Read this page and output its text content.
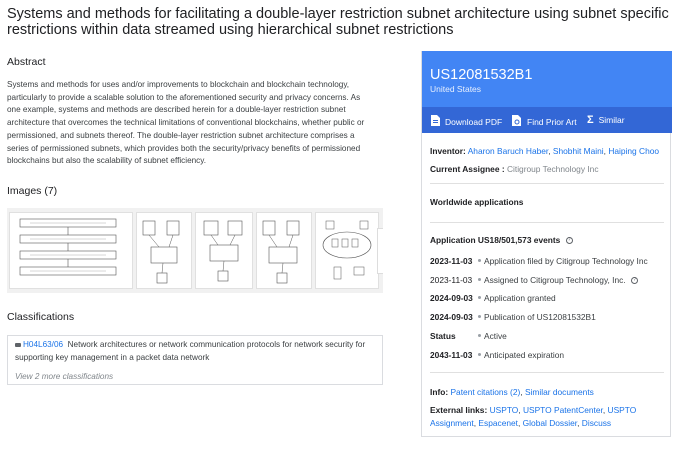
Systems and methods for facilitating a double-layer restriction subnet architecture using subnet specific restrictions within data streamed using hierarchical subnet restrictions
Abstract
Systems and methods for uses and/or improvements to blockchain and blockchain technology, particularly to provide a scalable solution to the aforementioned security and privacy concerns. As one example, systems and methods are described herein for a double-layer restriction subnet architecture that overcomes the technical limitations of conventional blockchains, whether public or permissioned, and subnets thereof. The double-layer restriction subnet architecture comprises a series of permissioned subnets, which provides both the security/privacy benefits of permissioned blockchains but also the scalability of subnet efficiency.
Images (7)
Classifications
H04L63/06 Network architectures or network communication protocols for network security for supporting key management in a packet data network
View 2 more classifications
US12081532B1
United States
Download PDF	Find Prior Art Σ Similar
Inventor: Aharon Baruch Haber, Shobhit Maini, Haiping Choo
Current Assignee : Citigroup Technology Inc
Worldwide applications
Application US18/501,573 events ?
2023-11-03 Application filed by Citigroup Technology Inc
2023-11-03 Assigned to Citigroup Technology, Inc. ?
2024-09-03 Application granted
2024-09-03 Publication of US12081532B1
Status	Active
2043-11-03 Anticipated expiration
Info: Patent citations (2), Similar documents
External links: USPTO, USPTO PatentCenter, USPTO Assignment, Espacenet, Global Dossier, Discuss
